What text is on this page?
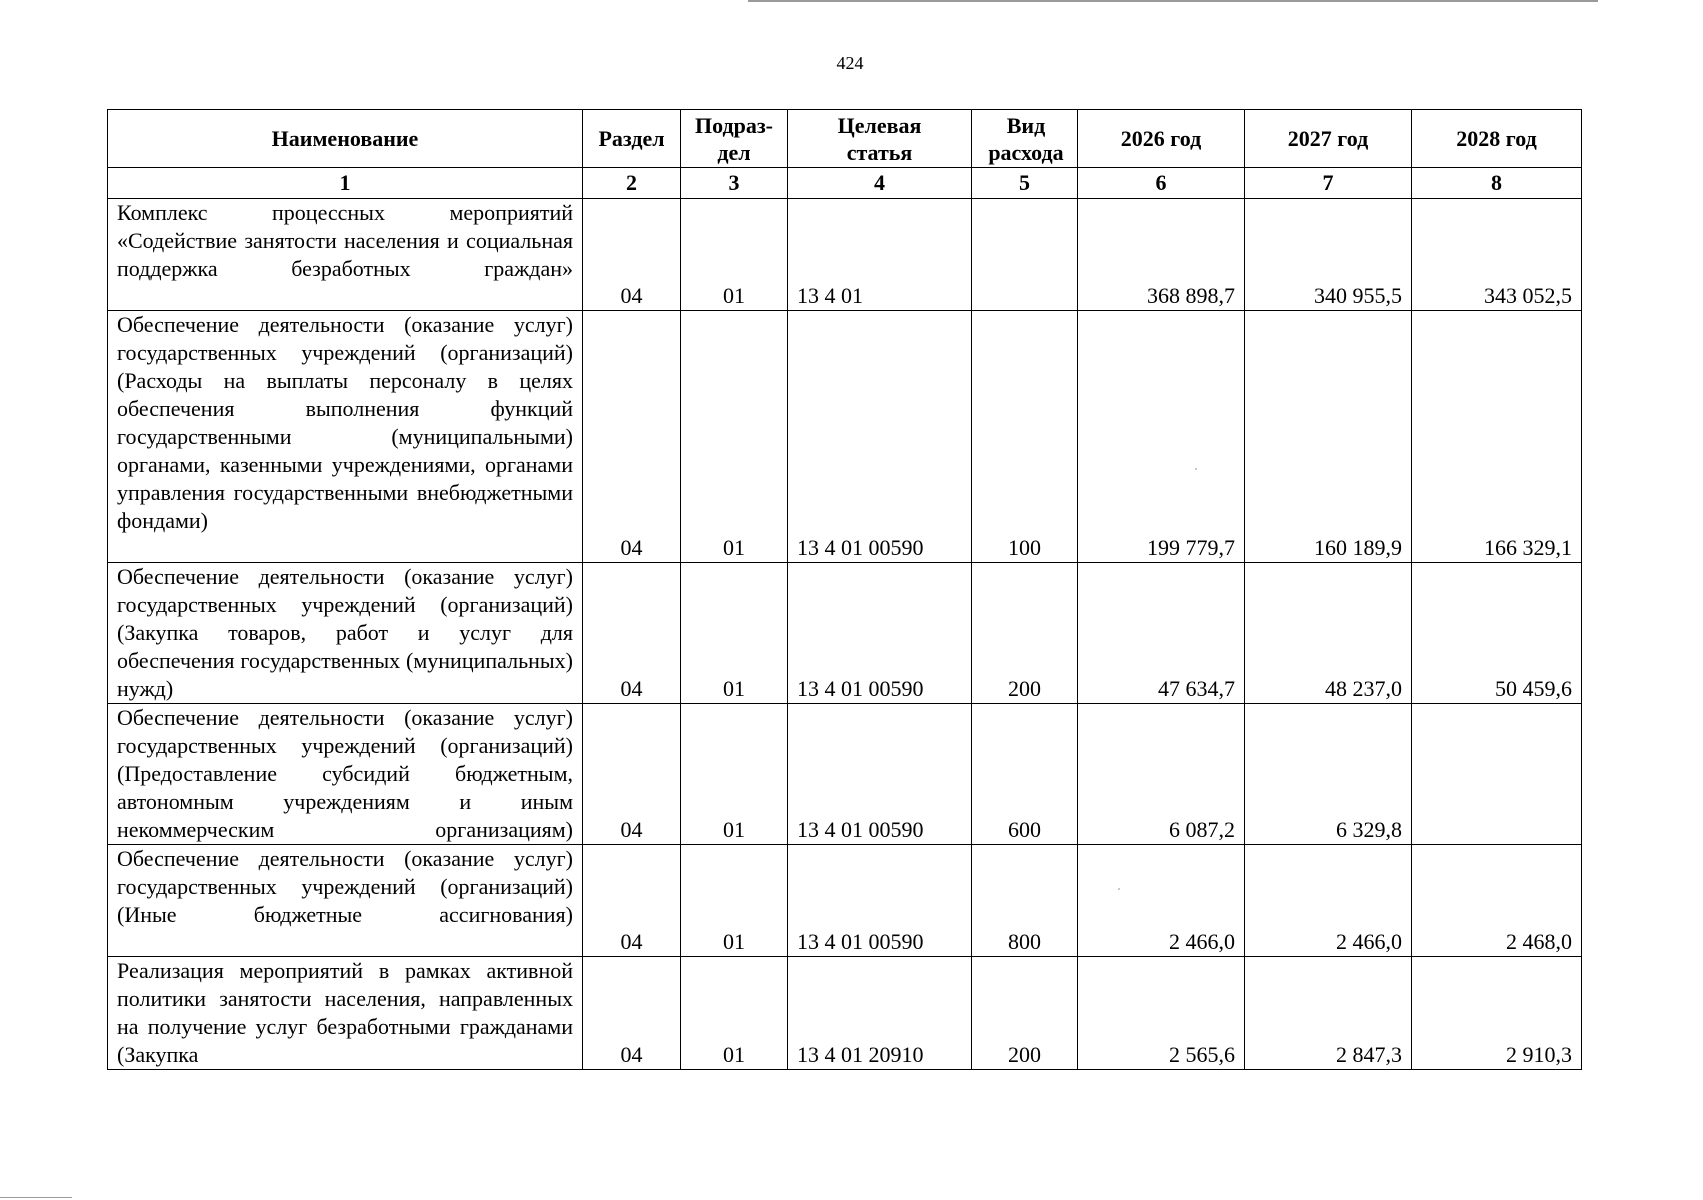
424
Наименование	Раздел	Подраз-дел	Целевая статья	Вид расхода	2026 год	2027 год	2028 год
1	2	3	4	5	6	7	8
Комплекс процессных мероприятий «Содействие занятости населения и социальная поддержка безработных граждан»	04	01	13 4 01		368 898,7	340 955,5	343 052,5
Обеспечение деятельности (оказание услуг) государственных учреждений (организаций) (Расходы на выплаты персоналу в целях обеспечения выполнения функций государственными (муниципальными) органами, казенными учреждениями, органами управления государственными внебюджетными фондами)	04	01	13 4 01 00590	100	199 779,7	160 189,9	166 329,1
Обеспечение деятельности (оказание услуг) государственных учреждений (организаций) (Закупка товаров, работ и услуг для обеспечения государственных (муниципальных) нужд)	04	01	13 4 01 00590	200	47 634,7	48 237,0	50 459,6
Обеспечение деятельности (оказание услуг) государственных учреждений (организаций) (Предоставление субсидий бюджетным, автономным учреждениям и иным некоммерческим организациям)	04	01	13 4 01 00590	600	6 087,2	6 329,8	
Обеспечение деятельности (оказание услуг) государственных учреждений (организаций) (Иные бюджетные ассигнования)	04	01	13 4 01 00590	800	2 466,0	2 466,0	2 468,0
Реализация мероприятий в рамках активной политики занятости населения, направленных на получение услуг безработными гражданами (Закупка	04	01	13 4 01 20910	200	2 565,6	2 847,3	2 910,3
